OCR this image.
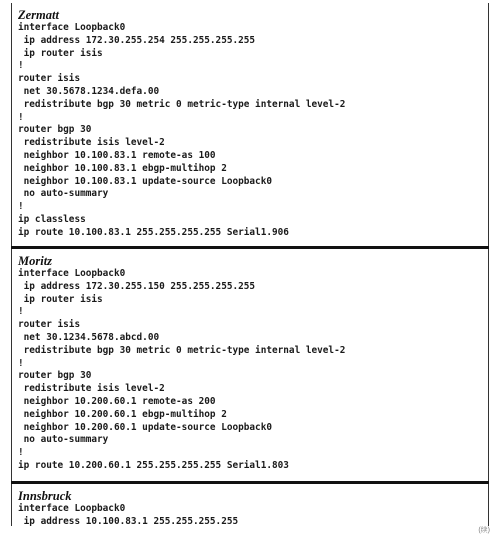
Zermatt
interface Loopback0
ip address 172.30.255.254 255.255.255.255
ip router isis
!
router isis
net 30.5678.1234.defa.00
redistribute bgp 30 metric 0 metric-type internal level-2
!
router bgp 30
redistribute isis level-2
neighbor 10.100.83.1 remote-as 100
neighbor 10.100.83.1 ebgp-multihop 2
neighbor 10.100.83.1 update-source Loopback0
no auto-summary
!
ip classless
ip route 10.100.83.1 255.255.255.255 Serial1.906
Moritz
interface Loopback0
ip address 172.30.255.150 255.255.255.255
ip router isis
!
router isis
net 30.1234.5678.abcd.00
redistribute bgp 30 metric 0 metric-type internal level-2
!
router bgp 30
redistribute isis level-2
neighbor 10.200.60.1 remote-as 200
neighbor 10.200.60.1 ebgp-multihop 2
neighbor 10.200.60.1 update-source Loopback0
no auto-summary
!
ip route 10.200.60.1 255.255.255.255 Serial1.803
Innsbruck
interface Loopback0
ip address 10.100.83.1 255.255.255.255
(续)
